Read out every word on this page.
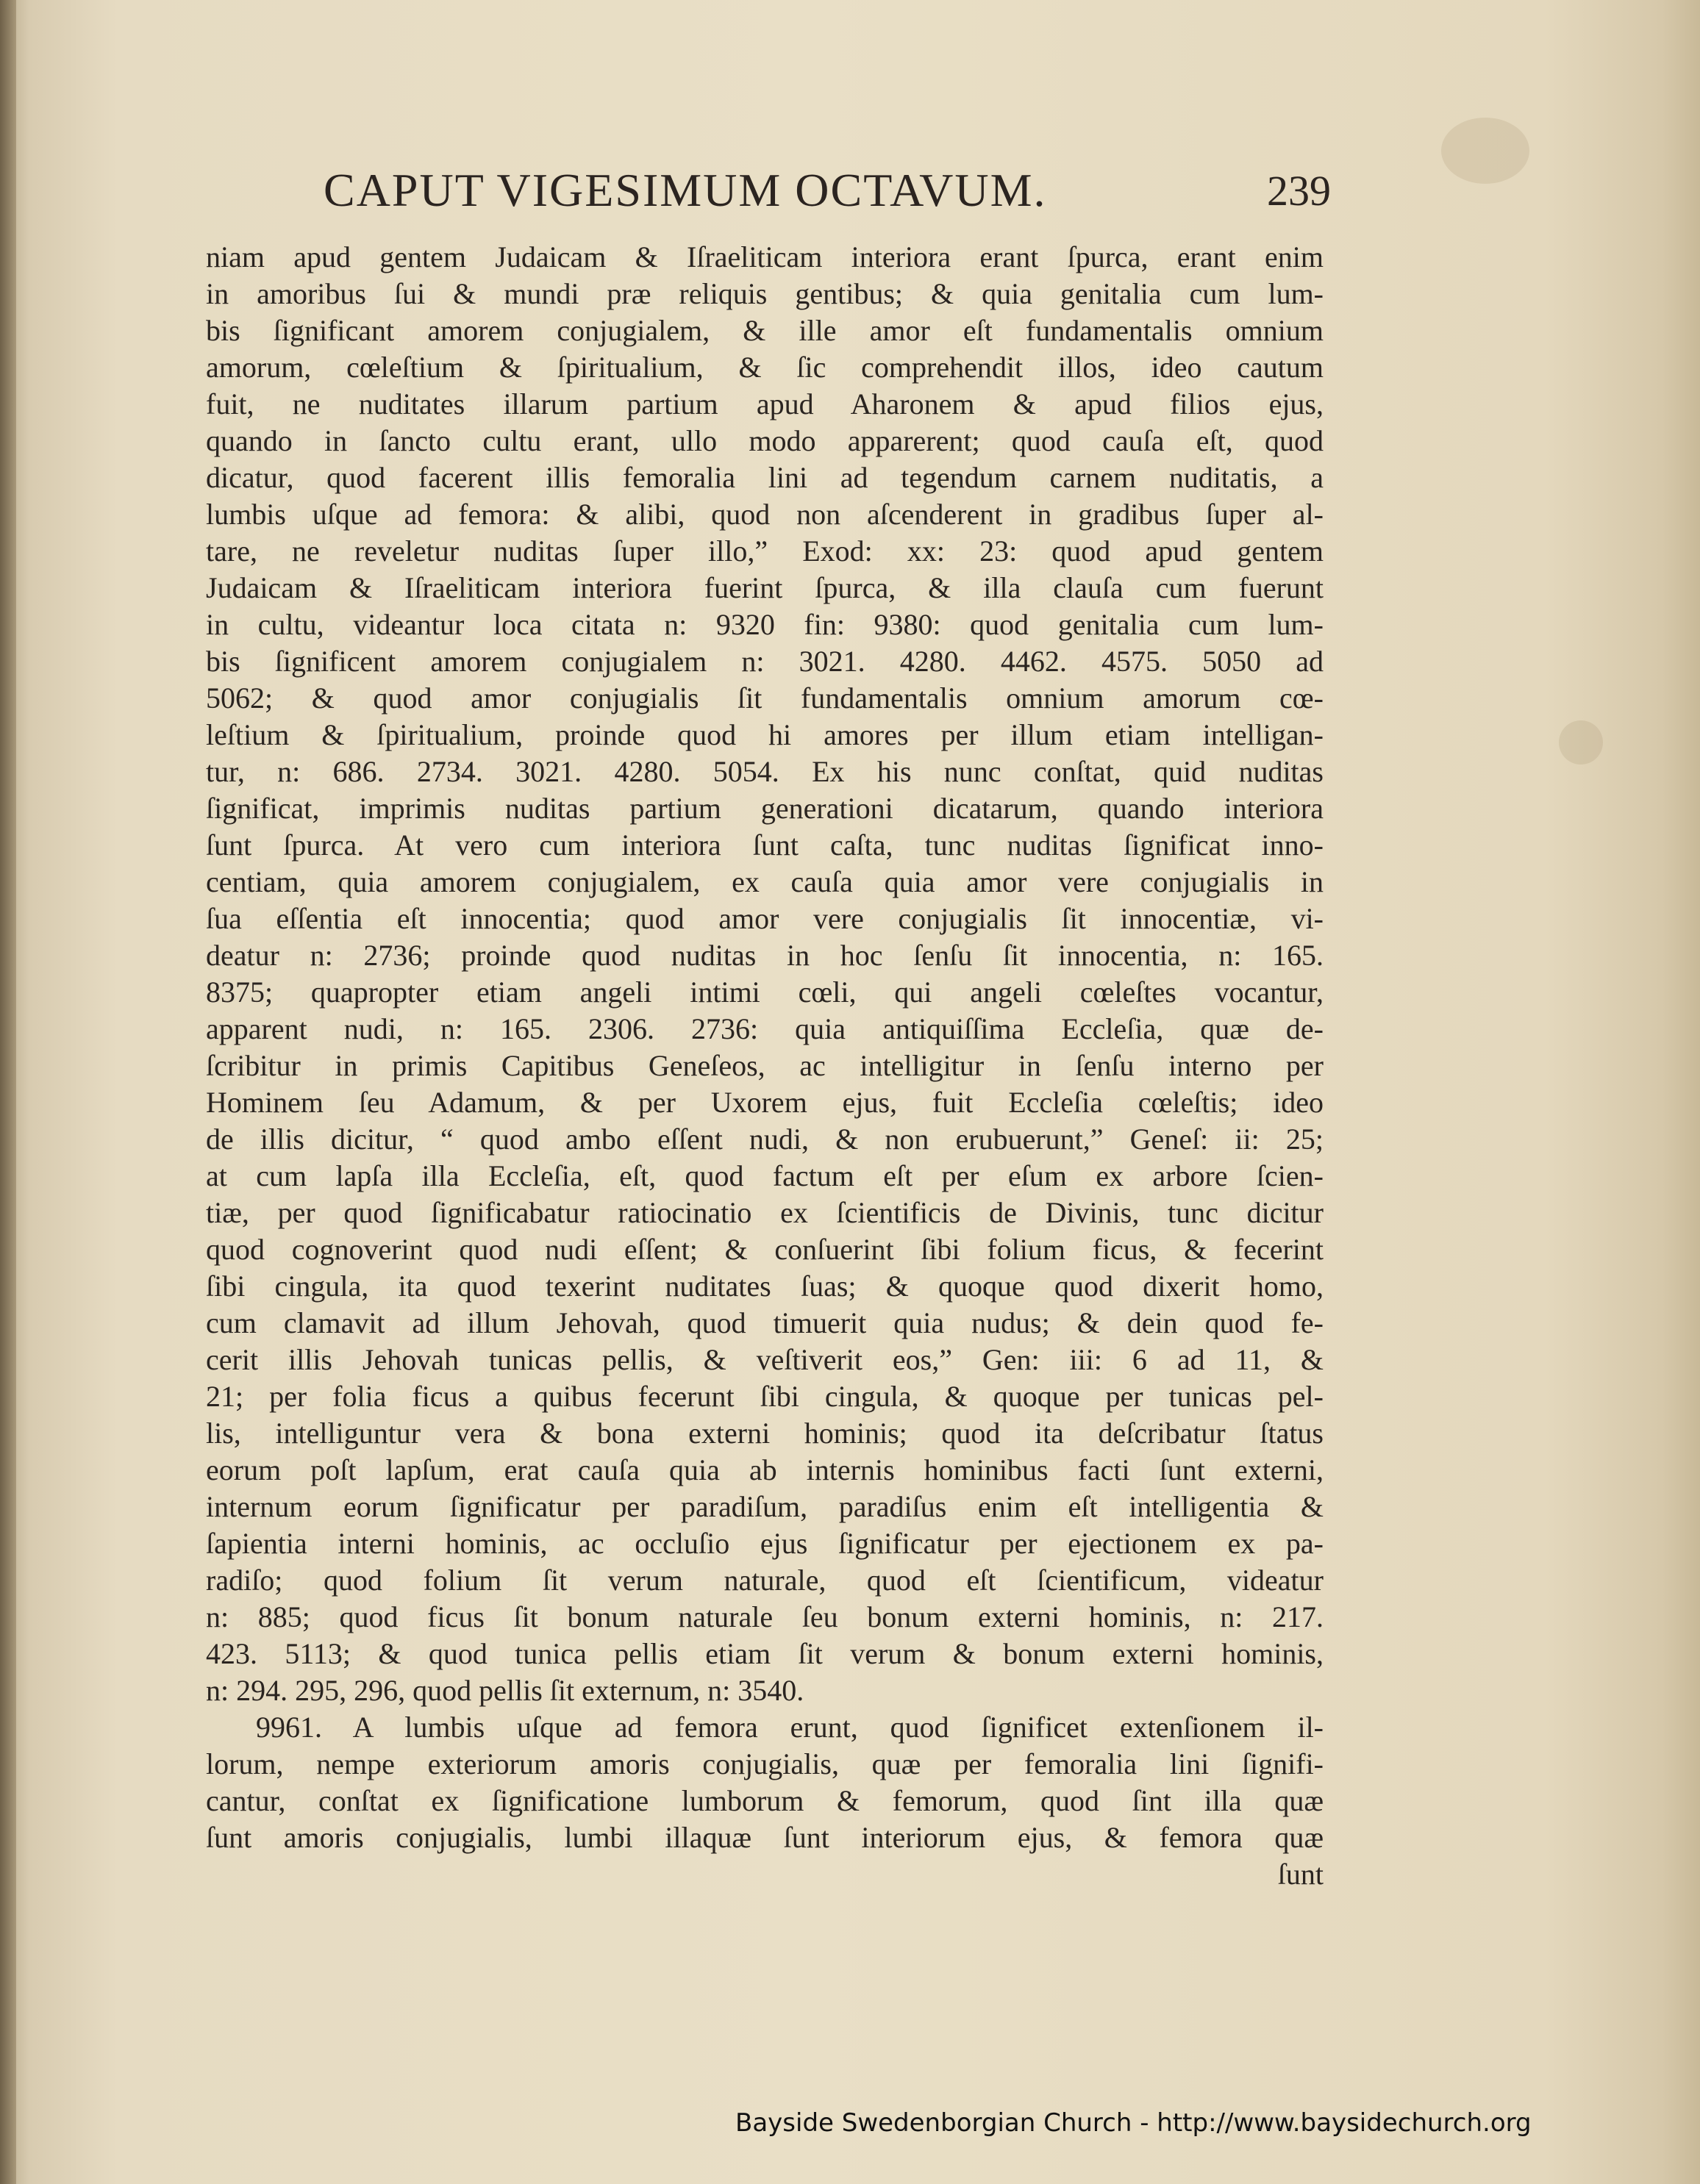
CAPUT VIGESIMUM OCTAVUM.	239
niam apud gentem Judaicam & Iſraeliticam interiora erant ſpurca, erant enim
in amoribus ſui & mundi præ reliquis gentibus; & quia genitalia cum lum-
bis ſignificant amorem conjugialem, & ille amor eſt fundamentalis omnium
amorum, cœleſtium & ſpiritualium, & ſic comprehendit illos, ideo cautum
fuit, ne nuditates illarum partium apud Aharonem & apud filios ejus,
quando in ſancto cultu erant, ullo modo apparerent; quod cauſa eſt, quod
dicatur, quod facerent illis femoralia lini ad tegendum carnem nuditatis, a
lumbis uſque ad femora: & alibi, quod non aſcenderent in gradibus ſuper al-
tare, ne reveletur nuditas ſuper illo,” Exod: xx: 23: quod apud gentem
Judaicam & Iſraeliticam interiora fuerint ſpurca, & illa clauſa cum fuerunt
in cultu, videantur loca citata n: 9320 fin: 9380: quod genitalia cum lum-
bis ſignificent amorem conjugialem n: 3021. 4280. 4462. 4575. 5050 ad
5062; & quod amor conjugialis ſit fundamentalis omnium amorum cœ-
leſtium & ſpiritualium, proinde quod hi amores per illum etiam intelligan-
tur, n: 686. 2734. 3021. 4280. 5054. Ex his nunc conſtat, quid nuditas
ſignificat, imprimis nuditas partium generationi dicatarum, quando interiora
ſunt ſpurca. At vero cum interiora ſunt caſta, tunc nuditas ſignificat inno-
centiam, quia amorem conjugialem, ex cauſa quia amor vere conjugialis in
ſua eſſentia eſt innocentia; quod amor vere conjugialis ſit innocentiæ, vi-
deatur n: 2736; proinde quod nuditas in hoc ſenſu ſit innocentia, n: 165.
8375; quapropter etiam angeli intimi cœli, qui angeli cœleſtes vocantur,
apparent nudi, n: 165. 2306. 2736: quia antiquiſſima Eccleſia, quæ de-
ſcribitur in primis Capitibus Geneſeos, ac intelligitur in ſenſu interno per
Hominem ſeu Adamum, & per Uxorem ejus, fuit Eccleſia cœleſtis; ideo
de illis dicitur, “ quod ambo eſſent nudi, & non erubuerunt,” Geneſ: ii: 25;
at cum lapſa illa Eccleſia, eſt, quod factum eſt per eſum ex arbore ſcien-
tiæ, per quod ſignificabatur ratiocinatio ex ſcientificis de Divinis, tunc dicitur
quod cognoverint quod nudi eſſent; & conſuerint ſibi folium ficus, & fecerint
ſibi cingula, ita quod texerint nuditates ſuas; & quoque quod dixerit homo,
cum clamavit ad illum Jehovah, quod timuerit quia nudus; & dein quod fe-
cerit illis Jehovah tunicas pellis, & veſtiverit eos,” Gen: iii: 6 ad 11, &
21; per folia ficus a quibus fecerunt ſibi cingula, & quoque per tunicas pel-
lis, intelliguntur vera & bona externi hominis; quod ita deſcribatur ſtatus
eorum poſt lapſum, erat cauſa quia ab internis hominibus facti ſunt externi,
internum eorum ſignificatur per paradiſum, paradiſus enim eſt intelligentia &
ſapientia interni hominis, ac occluſio ejus ſignificatur per ejectionem ex pa-
radiſo; quod folium ſit verum naturale, quod eſt ſcientificum, videatur
n: 885; quod ficus ſit bonum naturale ſeu bonum externi hominis, n: 217.
423. 5113; & quod tunica pellis etiam ſit verum & bonum externi hominis,
n: 294. 295, 296, quod pellis ſit externum, n: 3540.
9961. A lumbis uſque ad femora erunt, quod ſignificet extenſionem il-
lorum, nempe exteriorum amoris conjugialis, quæ per femoralia lini ſignifi-
cantur, conſtat ex ſignificatione lumborum & femorum, quod ſint illa quæ
ſunt amoris conjugialis, lumbi illaquæ ſunt interiorum ejus, & femora quæ
ſunt
Bayside Swedenborgian Church - http://www.baysidechurch.org
